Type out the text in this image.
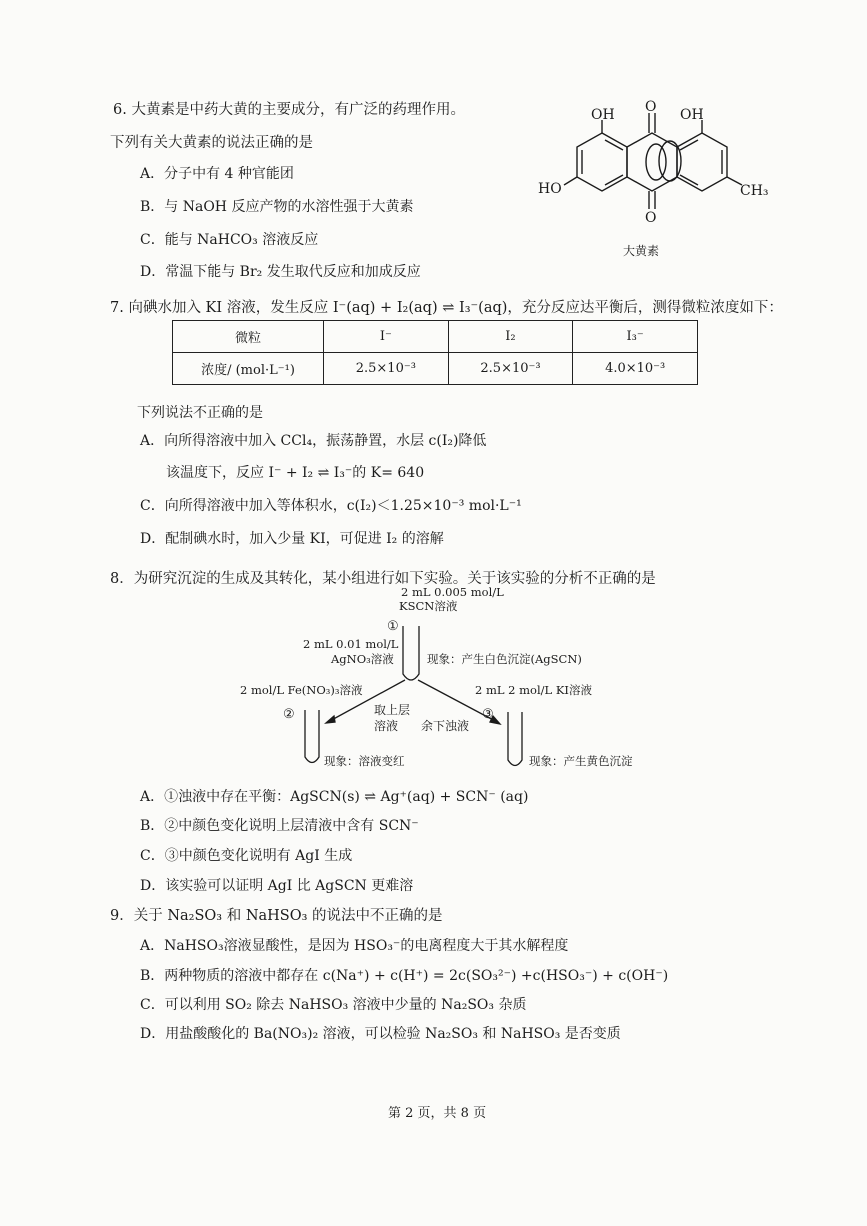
6. 大黄素是中药大黄的主要成分，有广泛的药理作用。
下列有关大黄素的说法正确的是
A．分子中有 4 种官能团
B．与 NaOH 反应产物的水溶性强于大黄素
C．能与 NaHCO₃ 溶液反应
D．常温下能与 Br₂ 发生取代反应和加成反应
OH	OH
O
O
HO	CH₃
大黄素
7. 向碘水加入 KI 溶液，发生反应 I⁻(aq) + I₂(aq) ⇌ I₃⁻(aq)，充分反应达平衡后，测得微粒浓度如下：
微粒	I⁻	I₂	I₃⁻
浓度/ (mol·L⁻¹)	2.5×10⁻³	2.5×10⁻³	4.0×10⁻³
下列说法不正确的是
A．向所得溶液中加入 CCl₄，振荡静置，水层 c(I₂)降低
该温度下，反应 I⁻ + I₂ ⇌ I₃⁻的 K= 640
C．向所得溶液中加入等体积水，c(I₂)＜1.25×10⁻³ mol·L⁻¹
D．配制碘水时，加入少量 KI，可促进 I₂ 的溶解
8．为研究沉淀的生成及其转化，某小组进行如下实验。关于该实验的分析不正确的是
2 mL 0.005 mol/L
KSCN溶液
①
2 mL 0.01 mol/L
AgNO₃溶液	现象：产生白色沉淀(AgSCN)
2 mol/L Fe(NO₃)₃溶液	2 mL 2 mol/L KI溶液
②	③
取上层
溶液 余下浊液
现象：溶液变红	现象：产生黄色沉淀
A．①浊液中存在平衡：AgSCN(s) ⇌ Ag⁺(aq) + SCN⁻ (aq)
B．②中颜色变化说明上层清液中含有 SCN⁻
C．③中颜色变化说明有 AgI 生成
D．该实验可以证明 AgI 比 AgSCN 更难溶
9．关于 Na₂SO₃ 和 NaHSO₃ 的说法中不正确的是
A．NaHSO₃溶液显酸性，是因为 HSO₃⁻的电离程度大于其水解程度
B．两种物质的溶液中都存在 c(Na⁺) + c(H⁺) = 2c(SO₃²⁻) +c(HSO₃⁻) + c(OH⁻)
C．可以利用 SO₂ 除去 NaHSO₃ 溶液中少量的 Na₂SO₃ 杂质
D．用盐酸酸化的 Ba(NO₃)₂ 溶液，可以检验 Na₂SO₃ 和 NaHSO₃ 是否变质
第 2 页，共 8 页
